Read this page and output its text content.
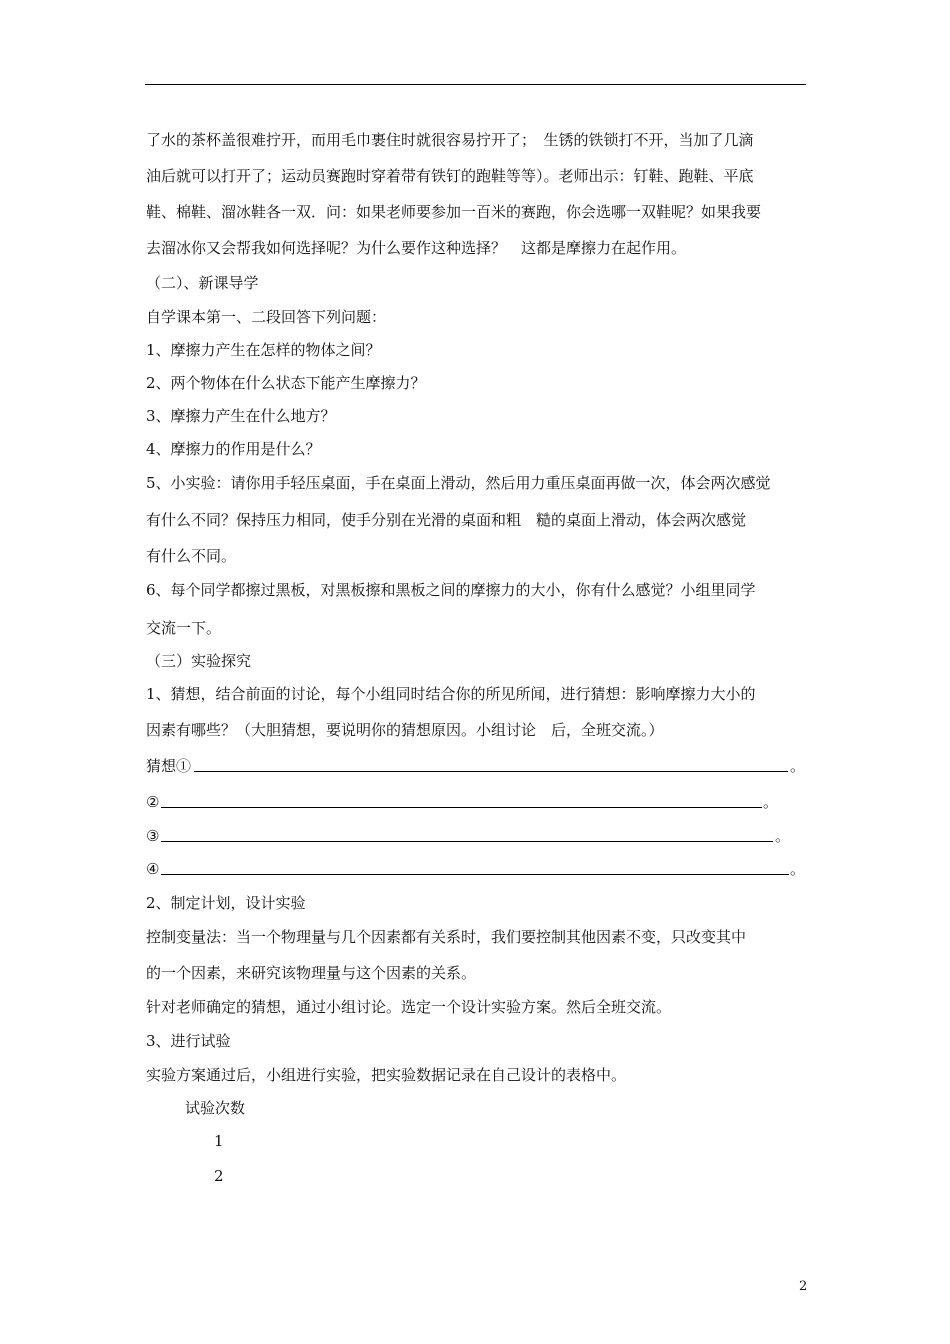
了水的茶杯盖很难拧开，而用毛巾裹住时就很容易拧开了；　生锈的铁锁打不开，当加了几滴
油后就可以打开了；运动员赛跑时穿着带有铁钉的跑鞋等等）。老师出示：钉鞋、跑鞋、平底
鞋、棉鞋、溜冰鞋各一双．问：如果老师要参加一百米的赛跑，你会选哪一双鞋呢？如果我要
去溜冰你又会帮我如何选择呢？为什么要作这种选择？　这都是摩擦力在起作用。
（二）、新课导学
自学课本第一、二段回答下列问题：
1、摩擦力产生在怎样的物体之间？
2、两个物体在什么状态下能产生摩擦力？
3、摩擦力产生在什么地方？
4、摩擦力的作用是什么？
5、小实验：请你用手轻压桌面，手在桌面上滑动，然后用力重压桌面再做一次，体会两次感觉
有什么不同？保持压力相同，使手分别在光滑的桌面和粗　糙的桌面上滑动，体会两次感觉
有什么不同。
6、每个同学都擦过黑板，对黑板擦和黑板之间的摩擦力的大小，你有什么感觉？小组里同学
交流一下。
（三）实验探究
1、猜想，结合前面的讨论，每个小组同时结合你的所见所闻，进行猜想：影响摩擦力大小的
因素有哪些？（大胆猜想，要说明你的猜想原因。小组讨论　后，全班交流。）
猜想①	。
②	。
③	。
④	。
2、制定计划，设计实验
控制变量法：当一个物理量与几个因素都有关系时，我们要控制其他因素不变，只改变其中
的一个因素，来研究该物理量与这个因素的关系。
针对老师确定的猜想，通过小组讨论。选定一个设计实验方案。然后全班交流。
3、进行试验
实验方案通过后，小组进行实验，把实验数据记录在自己设计的表格中。
试验次数
1
2
2
